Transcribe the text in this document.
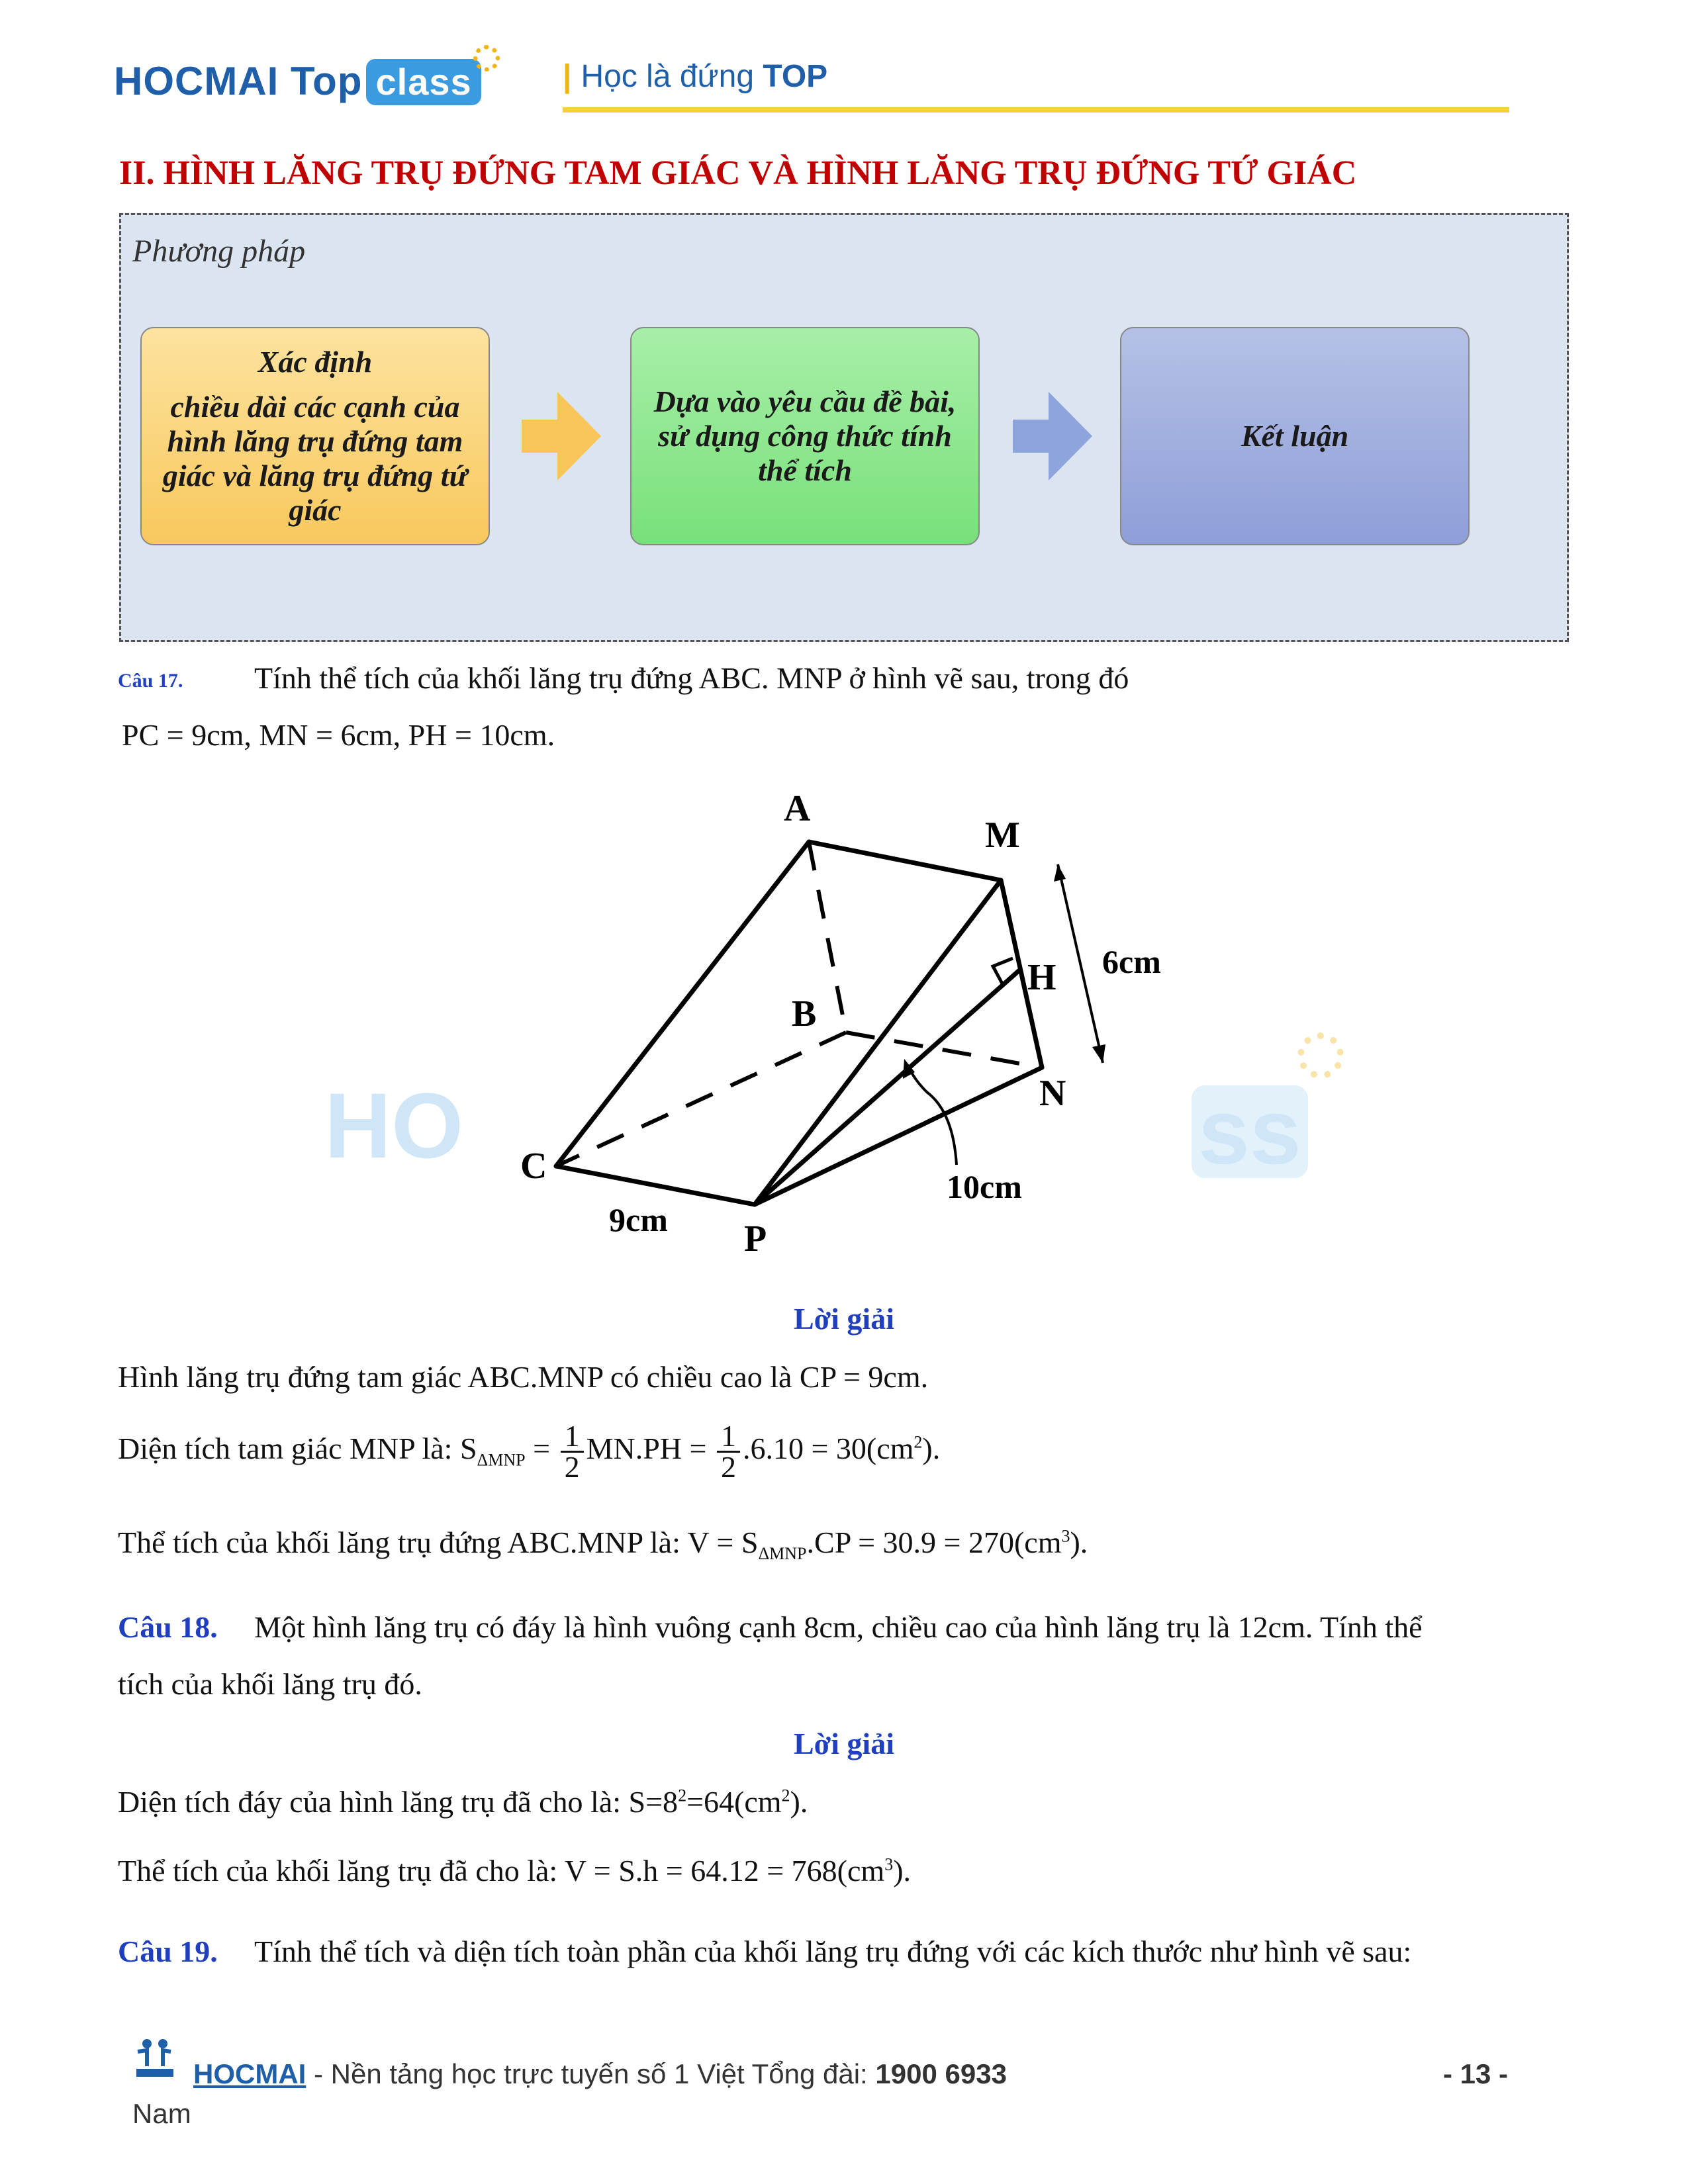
HOCMAI Top class	| Học là đứng TOP
II. HÌNH LĂNG TRỤ ĐỨNG TAM GIÁC VÀ HÌNH LĂNG TRỤ ĐỨNG TỨ GIÁC
Phương pháp
Xác định
chiều dài các cạnh của hình lăng trụ đứng tam giác và lăng trụ đứng tứ giác
Dựa vào yêu cầu đề bài, sử dụng công thức tính thể tích
Kết luận
Câu 17. Tính thể tích của khối lăng trụ đứng ABC. MNP ở hình vẽ sau, trong đó
PC = 9cm, MN = 6cm, PH = 10cm.
HO	ss
A
M
B
H
N
C
P
6cm
10cm
9cm
Lời giải
Hình lăng trụ đứng tam giác ABC.MNP có chiều cao là CP = 9cm.
Diện tích tam giác MNP là: $S_{\Delta MNP} = \frac{1}{2} MN.PH = \frac{1}{2} .6.10 = 30(cm^2)$.
Thể tích của khối lăng trụ đứng ABC.MNP là: $V = S_{\Delta MNP}.CP = 30.9 = 270(cm^3)$.
Câu 18. Một hình lăng trụ có đáy là hình vuông cạnh 8cm, chiều cao của hình lăng trụ là 12cm. Tính thể
tích của khối lăng trụ đó.
Lời giải
Diện tích đáy của hình lăng trụ đã cho là: $S=8^2=64(cm^2)$.
Thể tích của khối lăng trụ đã cho là: $V = S.h = 64.12 = 768(cm^3)$.
Câu 19. Tính thể tích và diện tích toàn phần của khối lăng trụ đứng với các kích thước như hình vẽ sau:
HOCMAI - Nền tảng học trực tuyến số 1 Việt Tổng đài: 1900 6933	- 13 -
Nam
